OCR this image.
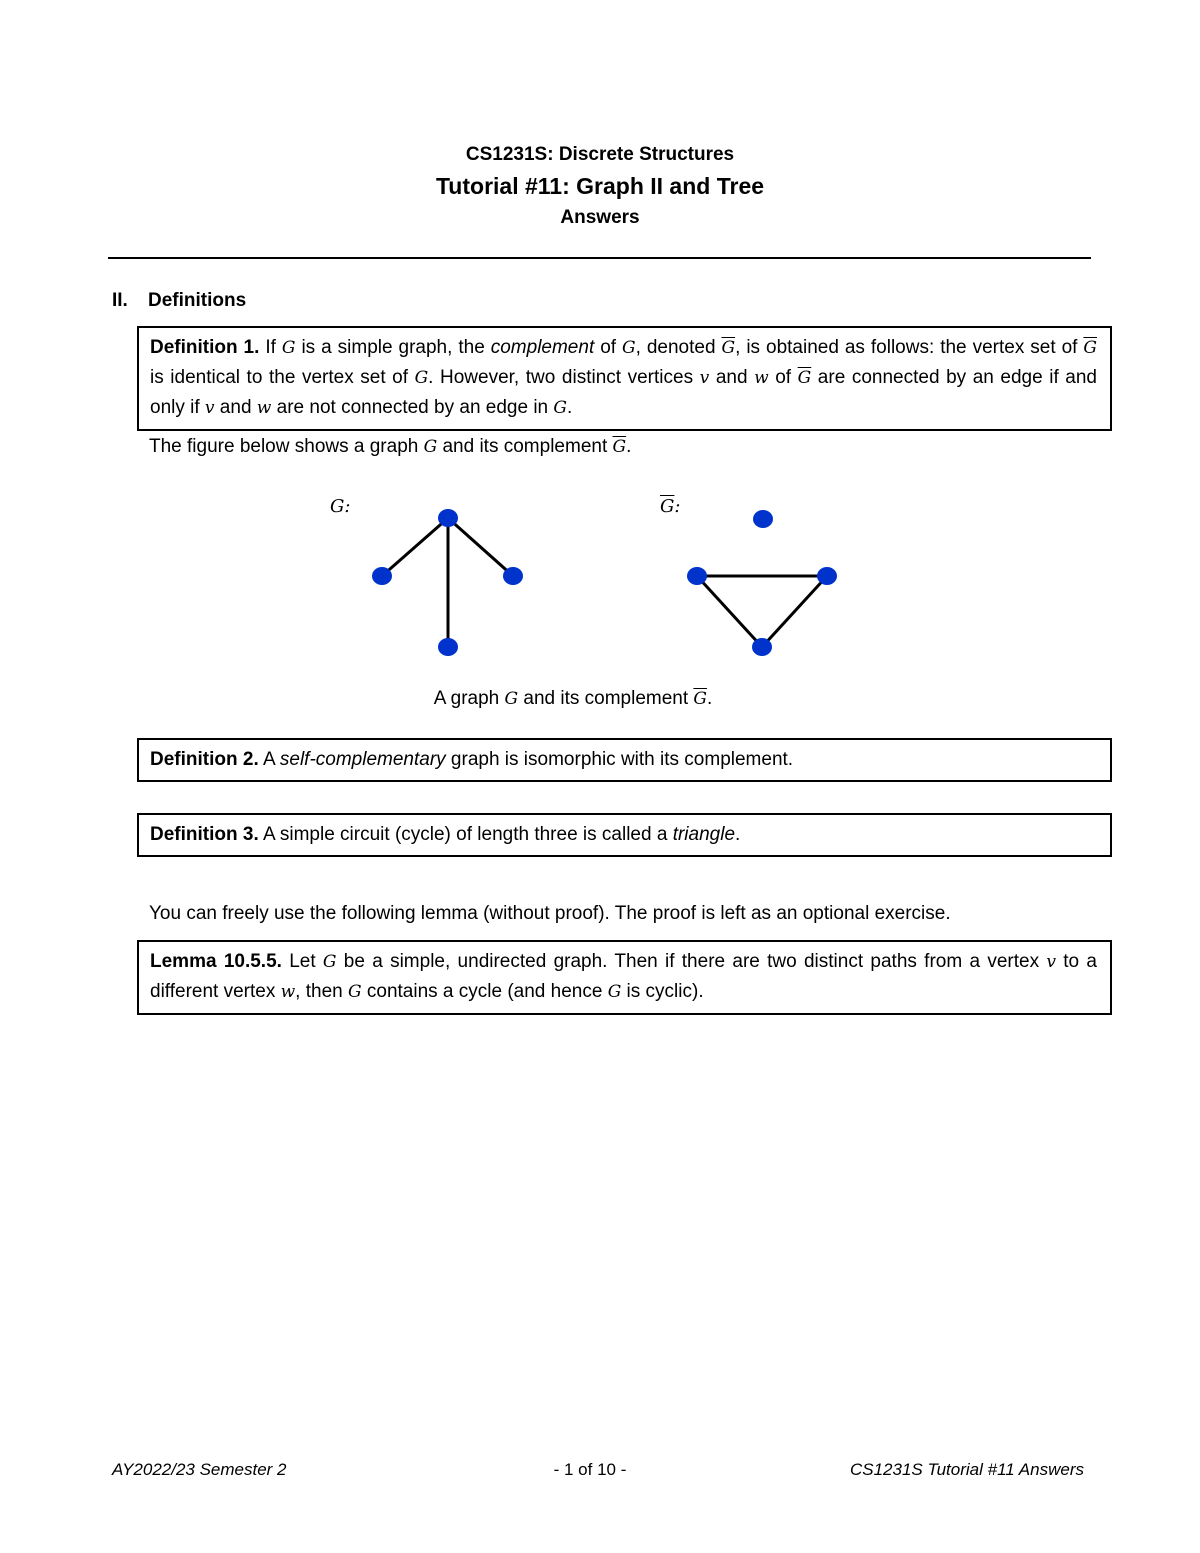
CS1231S: Discrete Structures
Tutorial #11: Graph II and Tree
Answers
II. Definitions
Definition 1. If G is a simple graph, the complement of G, denoted $\overline{G}$, is obtained as follows: the vertex set of $\overline{G}$ is identical to the vertex set of G. However, two distinct vertices v and w of $\overline{G}$ are connected by an edge if and only if v and w are not connected by an edge in G.
The figure below shows a graph G and its complement $\overline{G}$.
G:	$\overline{G}$:
A graph G and its complement $\overline{G}$.
Definition 2. A self-complementary graph is isomorphic with its complement.
Definition 3. A simple circuit (cycle) of length three is called a triangle.
You can freely use the following lemma (without proof). The proof is left as an optional exercise.
Lemma 10.5.5. Let G be a simple, undirected graph. Then if there are two distinct paths from a vertex v to a different vertex w, then G contains a cycle (and hence G is cyclic).
AY2022/23 Semester 2	- 1 of 10 -	CS1231S Tutorial #11 Answers
